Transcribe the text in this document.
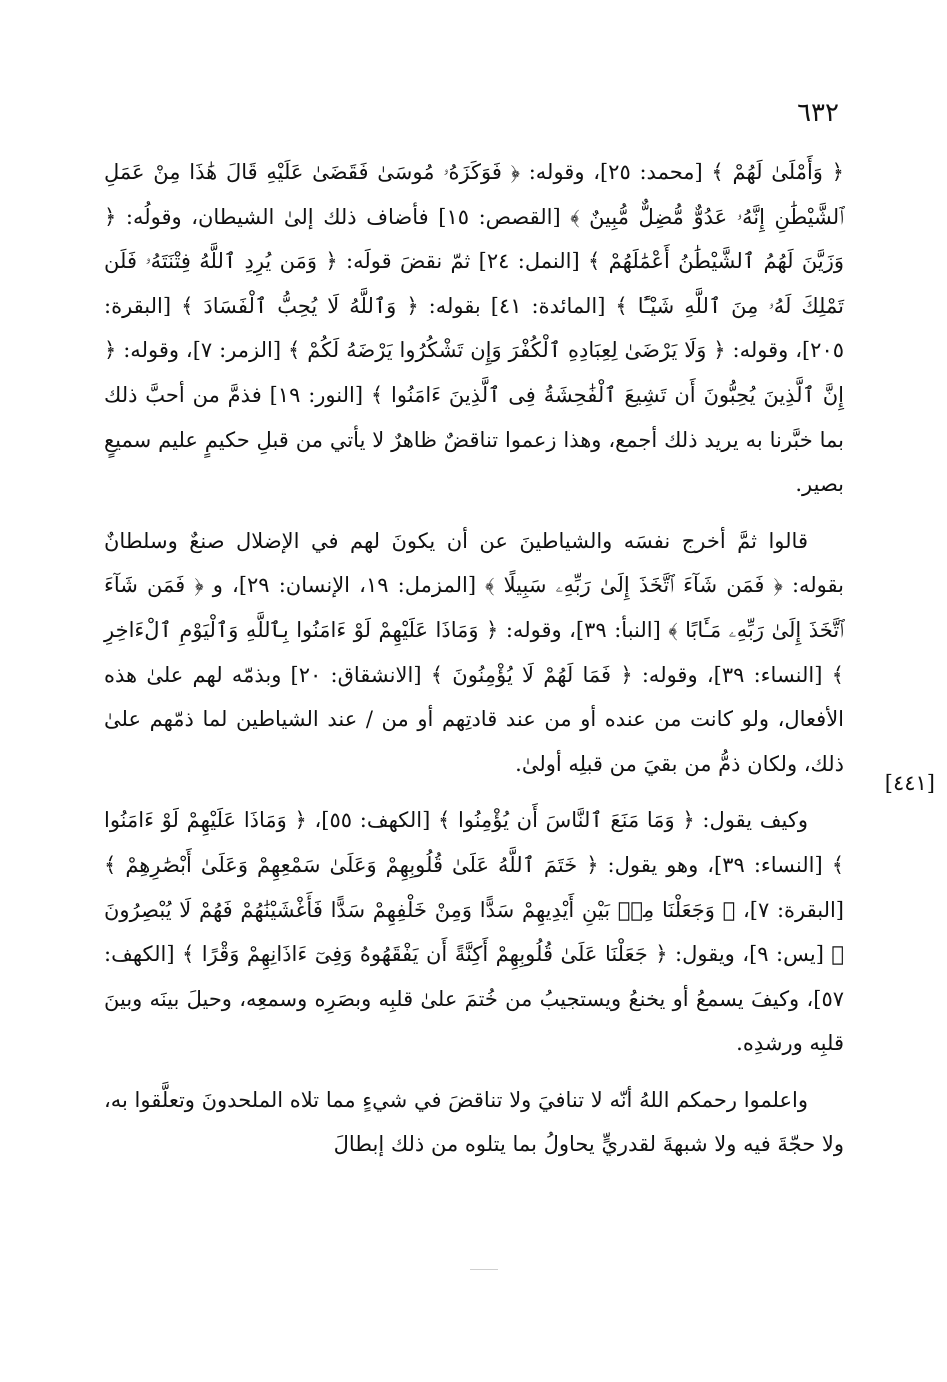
٦٣٢
[٤٤١]

﴿ وَأَمْلَىٰ لَهُمْ ﴾ [محمد: ٢٥]، وقوله: ﴿ فَوَكَزَهُۥ مُوسَىٰ فَقَضَىٰ عَلَيْهِ قَالَ هَٰذَا مِنْ عَمَلِ ٱلشَّيْطَٰنِ إِنَّهُۥ عَدُوٌّ مُّضِلٌّ مُّبِينٌ ﴾ [القصص: ١٥] فأضاف ذلك إلىٰ الشيطان، وقولُه: ﴿ وَزَيَّنَ لَهُمُ ٱلشَّيْطَٰنُ أَعْمَٰلَهُمْ ﴾ [النمل: ٢٤] ثمّ نقضَ قولَه: ﴿ وَمَن يُرِدِ ٱللَّهُ فِتْنَتَهُۥ فَلَن تَمْلِكَ لَهُۥ مِنَ ٱللَّهِ شَيْـًٔا ﴾ [المائدة: ٤١] بقوله: ﴿ وَٱللَّهُ لَا يُحِبُّ ٱلْفَسَادَ ﴾ [البقرة: ٢٠٥]، وقوله: ﴿ وَلَا يَرْضَىٰ لِعِبَادِهِ ٱلْكُفْرَ وَإِن تَشْكُرُوا يَرْضَهُ لَكُمْ ﴾ [الزمر: ٧]، وقوله: ﴿ إِنَّ ٱلَّذِينَ يُحِبُّونَ أَن تَشِيعَ ٱلْفَٰحِشَةُ فِى ٱلَّذِينَ ءَامَنُوا ﴾ [النور: ١٩] فذمَّ من أحبَّ ذلك بما خبَّرنا به يريد ذلك أجمع، وهذا زعموا تناقضٌ ظاهرٌ لا يأتي من قبلِ حكيمٍ عليم سميعٍ بصير.

قالوا ثمَّ أخرج نفسَه والشياطينَ عن أن يكونَ لهم في الإضلال صنعٌ وسلطانٌ بقوله: ﴿ فَمَن شَآءَ ٱتَّخَذَ إِلَىٰ رَبِّهِۦ سَبِيلًا ﴾ [المزمل: ١٩، الإنسان: ٢٩]، و ﴿ فَمَن شَآءَ ٱتَّخَذَ إِلَىٰ رَبِّهِۦ مَـَٔابًا ﴾ [النبأ: ٣٩]، وقوله: ﴿ وَمَاذَا عَلَيْهِمْ لَوْ ءَامَنُوا بِٱللَّهِ وَٱلْيَوْمِ ٱلْءَاخِرِ ﴾ [النساء: ٣٩]، وقوله: ﴿ فَمَا لَهُمْ لَا يُؤْمِنُونَ ﴾ [الانشقاق: ٢٠] وبذمّه لهم علىٰ هذه الأفعال، ولو كانت من عنده أو من عند قادتِهم أو من / عند الشياطين لما ذمّهم علىٰ ذلك، ولكان ذمُّ من بقيَ من قبلِه أولىٰ.

وكيف يقول: ﴿ وَمَا مَنَعَ ٱلنَّاسَ أَن يُؤْمِنُوا ﴾ [الكهف: ٥٥]، ﴿ وَمَاذَا عَلَيْهِمْ لَوْ ءَامَنُوا ﴾ [النساء: ٣٩]، وهو يقول: ﴿ خَتَمَ ٱللَّهُ عَلَىٰ قُلُوبِهِمْ وَعَلَىٰ سَمْعِهِمْ وَعَلَىٰ أَبْصَٰرِهِمْ ﴾ [البقرة: ٧]، ﴿ وَجَعَلْنَا مِنۢ بَيْنِ أَيْدِيهِمْ سَدًّا وَمِنْ خَلْفِهِمْ سَدًّا فَأَغْشَيْنَٰهُمْ فَهُمْ لَا يُبْصِرُونَ ﴾ [يس: ٩]، ويقول: ﴿ جَعَلْنَا عَلَىٰ قُلُوبِهِمْ أَكِنَّةً أَن يَفْقَهُوهُ وَفِىٓ ءَاذَانِهِمْ وَقْرًا ﴾ [الكهف: ٥٧]، وكيفَ يسمعُ أو يخنعُ ويستجيبُ من خُتمَ علىٰ قلبِه وبصَرِه وسمعِه، وحيلَ بينَه وبينَ قلبِه ورشدِه.

واعلموا رحمكم اللهُ أنّه لا تنافيَ ولا تناقضَ في شيءٍ مما تلاه الملحدونَ وتعلَّقوا به، ولا حجّةَ فيه ولا شبهةَ لقدريٍّ يحاولُ بما يتلوه من ذلك إبطالَ
